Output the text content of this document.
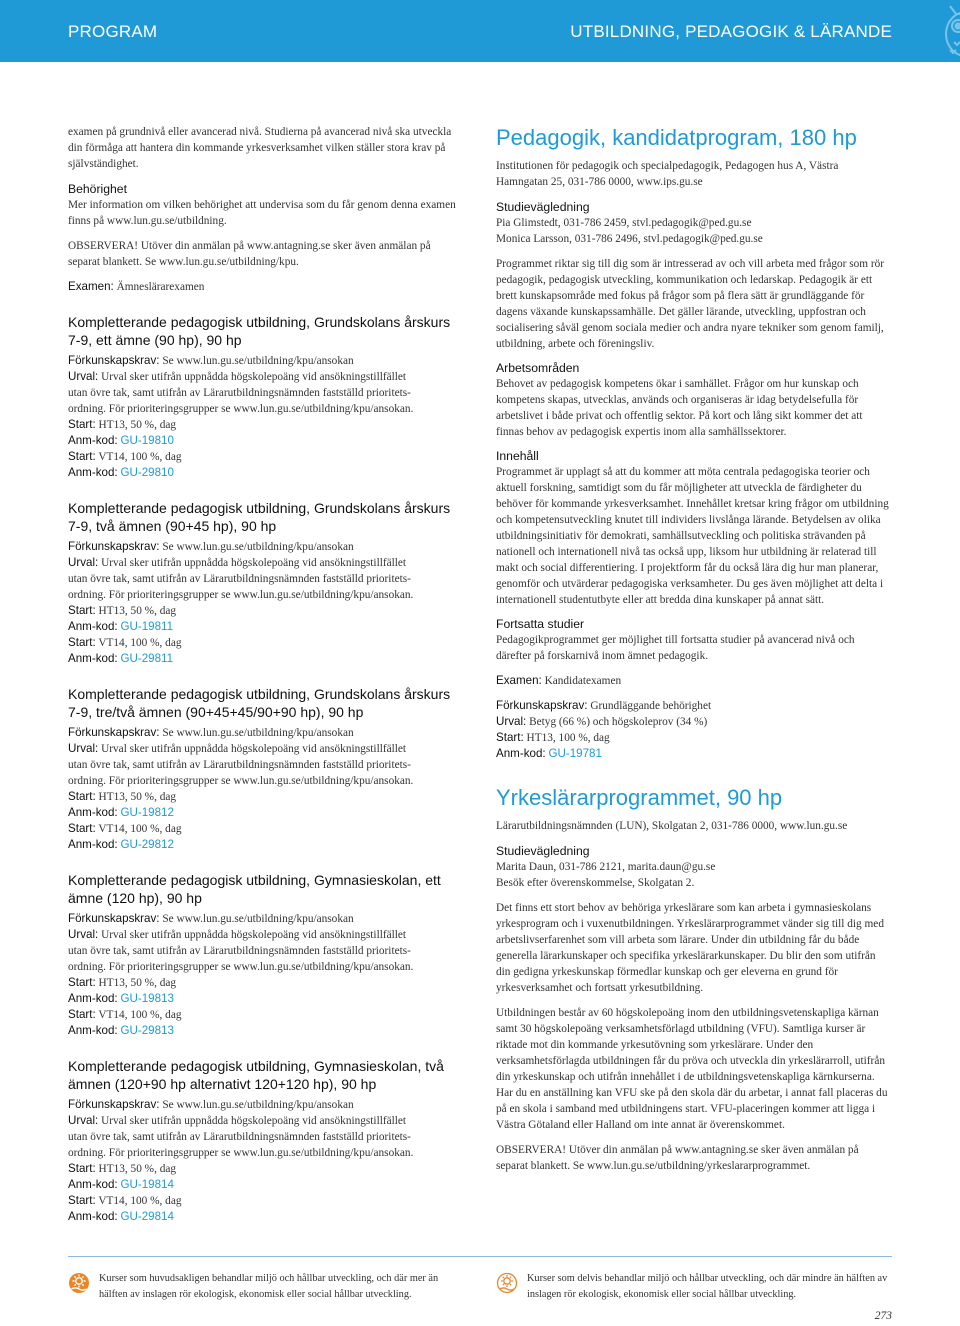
PROGRAM	UTBILDNING, PEDAGOGIK & LÄRANDE

examen på grundnivå eller avancerad nivå. Studierna på avancerad nivå ska utveckla din förmåga att hantera din kommande yrkesverksamhet vilken ställer stora krav på självständighet.

Behörighet

Mer information om vilken behörighet att undervisa som du får genom denna examen finns på www.lun.gu.se/utbildning.

OBSERVERA! Utöver din anmälan på www.antagning.se sker även anmälan på separat blankett. Se www.lun.gu.se/utbildning/kpu.

Examen: Ämneslärarexamen

Kompletterande pedagogisk utbildning, Grundskolans årskurs 7-9, ett ämne (90 hp), 90 hp

Förkunskapskrav: Se www.lun.gu.se/utbildning/kpu/ansokan

Urval: Urval sker utifrån uppnådda högskolepoäng vid ansökningstillfället

utan övre tak, samt utifrån av Lärarutbildningsnämnden fastställd prioritets-

ordning. För prioriteringsgrupper se www.lun.gu.se/utbildning/kpu/ansokan.

Start: HT13, 50 %, dag

Anm-kod: GU-19810

Start: VT14, 100 %, dag

Anm-kod: GU-29810

Kompletterande pedagogisk utbildning, Grundskolans årskurs 7-9, två ämnen (90+45 hp), 90 hp

Förkunskapskrav: Se www.lun.gu.se/utbildning/kpu/ansokan

Urval: Urval sker utifrån uppnådda högskolepoäng vid ansökningstillfället

utan övre tak, samt utifrån av Lärarutbildningsnämnden fastställd prioritets-

ordning. För prioriteringsgrupper se www.lun.gu.se/utbildning/kpu/ansokan.

Start: HT13, 50 %, dag

Anm-kod: GU-19811

Start: VT14, 100 %, dag

Anm-kod: GU-29811

Kompletterande pedagogisk utbildning, Grundskolans årskurs 7-9, tre/två ämnen (90+45+45/90+90 hp), 90 hp

Förkunskapskrav: Se www.lun.gu.se/utbildning/kpu/ansokan

Urval: Urval sker utifrån uppnådda högskolepoäng vid ansökningstillfället

utan övre tak, samt utifrån av Lärarutbildningsnämnden fastställd prioritets-

ordning. För prioriteringsgrupper se www.lun.gu.se/utbildning/kpu/ansokan.

Start: HT13, 50 %, dag

Anm-kod: GU-19812

Start: VT14, 100 %, dag

Anm-kod: GU-29812

Kompletterande pedagogisk utbildning, Gymnasieskolan, ett ämne (120 hp), 90 hp

Förkunskapskrav: Se www.lun.gu.se/utbildning/kpu/ansokan

Urval: Urval sker utifrån uppnådda högskolepoäng vid ansökningstillfället

utan övre tak, samt utifrån av Lärarutbildningsnämnden fastställd prioritets-

ordning. För prioriteringsgrupper se www.lun.gu.se/utbildning/kpu/ansokan.

Start: HT13, 50 %, dag

Anm-kod: GU-19813

Start: VT14, 100 %, dag

Anm-kod: GU-29813

Kompletterande pedagogisk utbildning, Gymnasieskolan, två ämnen (120+90 hp alternativt 120+120 hp), 90 hp

Förkunskapskrav: Se www.lun.gu.se/utbildning/kpu/ansokan

Urval: Urval sker utifrån uppnådda högskolepoäng vid ansökningstillfället

utan övre tak, samt utifrån av Lärarutbildningsnämnden fastställd prioritets-

ordning. För prioriteringsgrupper se www.lun.gu.se/utbildning/kpu/ansokan.

Start: HT13, 50 %, dag

Anm-kod: GU-19814

Start: VT14, 100 %, dag

Anm-kod: GU-29814

Pedagogik, kandidatprogram, 180 hp

Institutionen för pedagogik och specialpedagogik, Pedagogen hus A, Västra Hamngatan 25, 031-786 0000, www.ips.gu.se

Studievägledning

Pia Glimstedt, 031-786 2459, stvl.pedagogik@ped.gu.se

Monica Larsson, 031-786 2496, stvl.pedagogik@ped.gu.se

Programmet riktar sig till dig som är intresserad av och vill arbeta med frågor som rör pedagogik, pedagogisk utveckling, kommunikation och ledarskap. Pedagogik är ett brett kunskapsområde med fokus på frågor som på flera sätt är grundläggande för dagens växande kunskapssamhälle. Det gäller lärande, utveckling, uppfostran och socialisering såväl genom sociala medier och andra nyare tekniker som genom familj, utbildning, arbete och föreningsliv.

Arbetsområden

Behovet av pedagogisk kompetens ökar i samhället. Frågor om hur kunskap och kompetens skapas, utvecklas, används och organiseras är idag betydelsefulla för arbetslivet i både privat och offentlig sektor. På kort och lång sikt kommer det att finnas behov av pedagogisk expertis inom alla samhällssektorer.

Innehåll

Programmet är upplagt så att du kommer att möta centrala pedagogiska teorier och aktuell forskning, samtidigt som du får möjligheter att utveckla de färdigheter du behöver för kommande yrkesverksamhet. Innehållet kretsar kring frågor om utbildning och kompetensutveckling knutet till individers livslånga lärande. Betydelsen av olika utbildningsinitiativ för demokrati, samhällsutveckling och politiska strävanden på nationell och internationell nivå tas också upp, liksom hur utbildning är relaterad till makt och social differentiering. I projektform får du också lära dig hur man planerar, genomför och utvärderar pedagogiska verksamheter. Du ges även möjlighet att delta i internationell studentutbyte eller att bredda dina kunskaper på annat sätt.

Fortsatta studier

Pedagogikprogrammet ger möjlighet till fortsatta studier på avancerad nivå och därefter på forskarnivå inom ämnet pedagogik.

Examen: Kandidatexamen

Förkunskapskrav: Grundläggande behörighet

Urval: Betyg (66 %) och högskoleprov (34 %)

Start: HT13, 100 %, dag

Anm-kod: GU-19781

Yrkeslärarprogrammet, 90 hp

Lärarutbildningsnämnden (LUN), Skolgatan 2, 031-786 0000, www.lun.gu.se

Studievägledning

Marita Daun, 031-786 2121, marita.daun@gu.se

Besök efter överenskommelse, Skolgatan 2.

Det finns ett stort behov av behöriga yrkeslärare som kan arbeta i gymnasieskolans yrkesprogram och i vuxenutbildningen. Yrkeslärarprogrammet vänder sig till dig med arbetslivserfarenhet som vill arbeta som lärare. Under din utbildning får du både generella lärarkunskaper och specifika yrkeslärarkunskaper. Du blir den som utifrån din gedigna yrkeskunskap förmedlar kunskap och ger eleverna en grund för yrkesverksamhet och fortsatt yrkesutbildning.

Utbildningen består av 60 högskolepoäng inom den utbildningsvetenskapliga kärnan samt 30 högskolepoäng verksamhetsförlagd utbildning (VFU). Samtliga kurser är riktade mot din kommande yrkesutövning som yrkeslärare. Under den verksamhetsförlagda utbildningen får du pröva och utveckla din yrkeslärarroll, utifrån din yrkeskunskap och utifrån innehållet i de utbildningsvetenskapliga kärnkurserna. Har du en anställning kan VFU ske på den skola där du arbetar, i annat fall placeras du på en skola i samband med utbildningens start. VFU-placeringen kommer att ligga i Västra Götaland eller Halland om inte annat är överenskommet.

OBSERVERA! Utöver din anmälan på www.antagning.se sker även anmälan på separat blankett. Se www.lun.gu.se/utbildning/yrkeslararprogrammet.

Kurser som huvudsakligen behandlar miljö och hållbar utveckling, och där mer än hälften av inslagen rör ekologisk, ekonomisk eller social hållbar utveckling.
Kurser som delvis behandlar miljö och hållbar utveckling, och där mindre än hälften av inslagen rör ekologisk, ekonomisk eller social hållbar utveckling.
273
